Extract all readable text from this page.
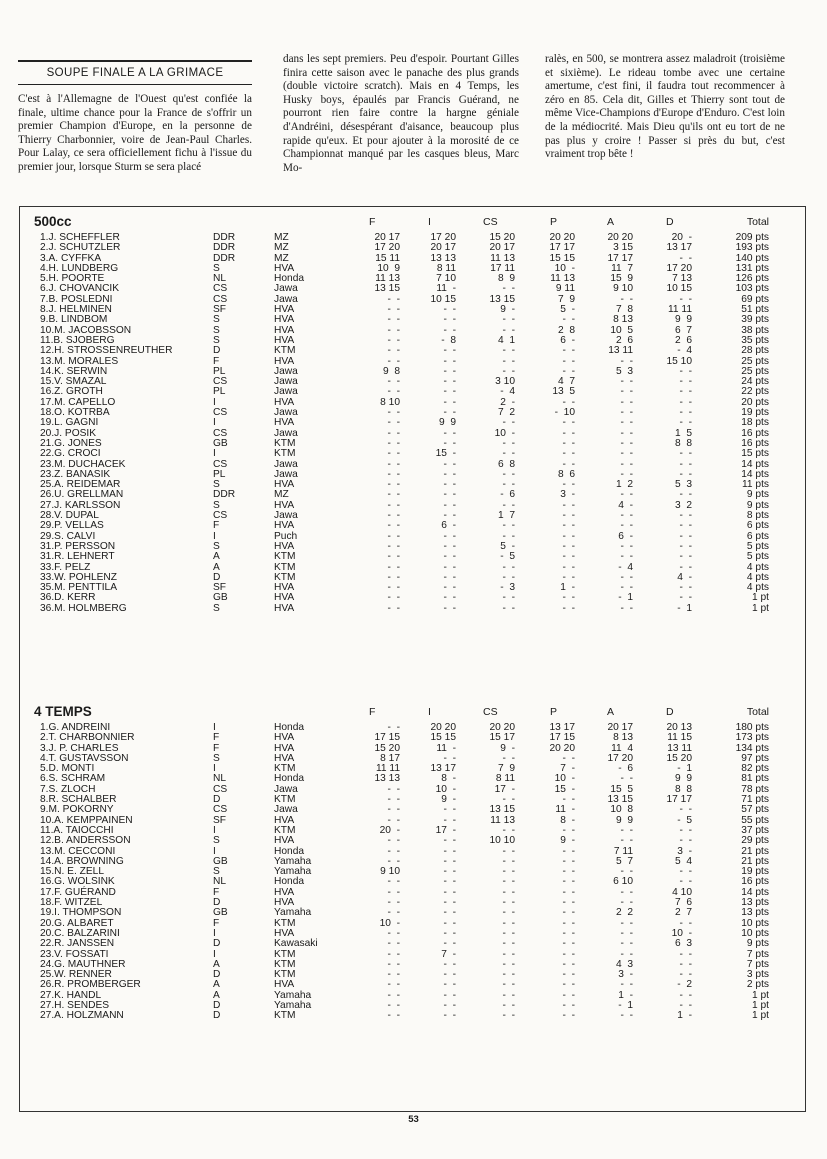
SOUPE FINALE A LA GRIMACE
C'est à l'Allemagne de l'Ouest qu'est confiée la finale, ultime chance pour la France de s'offrir un premier Champion d'Europe, en la personne de Thierry Charbonnier, voire de Jean-Paul Charles. Pour Lalay, ce sera officiellement fichu à l'issue du premier jour, lorsque Sturm se sera placé
dans les sept premiers. Peu d'espoir. Pourtant Gilles finira cette saison avec le panache des plus grands (double victoire scratch). Mais en 4 Temps, les Husky boys, épaulés par Francis Guérand, ne pourront rien faire contre la hargne géniale d'Andréini, désespérant d'aisance, beaucoup plus rapide qu'eux. Et pour ajouter à la morosité de ce Championnat manqué par les casques bleus, Marc Mo-
ralès, en 500, se montrera assez maladroit (troisième et sixième). Le rideau tombe avec une certaine amertume, c'est fini, il faudra tout recommencer à zéro en 85. Cela dit, Gilles et Thierry sont tout de même Vice-Champions d'Europe d'Enduro. C'est loin de la médiocrité. Mais Dieu qu'ils ont eu tort de ne pas plus y croire ! Passer si près du but, c'est vraiment trop bête !
500cc	F	I	CS	P	A	D	Total
1.J. SCHEFFLER	DDR	MZ	20 17	17 20	15 20	20 20	20 20	20  -	209 pts
2.J. SCHUTZLER	DDR	MZ	17 20	20 17	20 17	17 17	3 15	13 17	193 pts
3.A. CYFFKA	DDR	MZ	15 11	13 13	11 13	15 15	17 17	-  -	140 pts
4.H. LUNDBERG	S	HVA	10  9	8 11	17 11	10  -	11  7	17 20	131 pts
5.H. POORTE	NL	Honda	11 13	7 10	8  9	11 13	15  9	7 13	126 pts
6.J. CHOVANCIK	CS	Jawa	13 15	11  -	-  -	9 11	9 10	10 15	103 pts
7.B. POSLEDNI	CS	Jawa	-  -	10 15	13 15	7  9	-  -	-  -	69 pts
8.J. HELMINEN	SF	HVA	-  -	-  -	9  -	5  -	7  8	11 11	51 pts
9.B. LINDBOM	S	HVA	-  -	-  -	-  -	-  -	8 13	9  9	39 pts
10.M. JACOBSSON	S	HVA	-  -	-  -	-  -	2  8	10  5	6  7	38 pts
11.B. SJOBERG	S	HVA	-  -	-  8	4  1	6  -	2  6	2  6	35 pts
12.H. STROSSENREUTHER	D	KTM	-  -	-  -	-  -	-  -	13 11	-  4	28 pts
13.M. MORALES	F	HVA	-  -	-  -	-  -	-  -	-  -	15 10	25 pts
14.K. SERWIN	PL	Jawa	9  8	-  -	-  -	-  -	5  3	-  -	25 pts
15.V. SMAZAL	CS	Jawa	-  -	-  -	3 10	4  7	-  -	-  -	24 pts
16.Z. GROTH	PL	Jawa	-  -	-  -	-  4	13  5	-  -	-  -	22 pts
17.M. CAPELLO	I	HVA	8 10	-  -	2  -	-  -	-  -	-  -	20 pts
18.O. KOTRBA	CS	Jawa	-  -	-  -	7  2	-  10	-  -	-  -	19 pts
19.L. GAGNI	I	HVA	-  -	9  9	-  -	-  -	-  -	-  -	18 pts
20.J. POSIK	CS	Jawa	-  -	-  -	10  -	-  -	-  -	1  5	16 pts
21.G. JONES	GB	KTM	-  -	-  -	-  -	-  -	-  -	8  8	16 pts
22.G. CROCI	I	KTM	-  -	15  -	-  -	-  -	-  -	-  -	15 pts
23.M. DUCHACEK	CS	Jawa	-  -	-  -	6  8	-  -	-  -	-  -	14 pts
23.Z. BANASIK	PL	Jawa	-  -	-  -	-  -	8  6	-  -	-  -	14 pts
25.A. REIDEMAR	S	HVA	-  -	-  -	-  -	-  -	1  2	5  3	11 pts
26.U. GRELLMAN	DDR	MZ	-  -	-  -	-  6	3  -	-  -	-  -	9 pts
27.J. KARLSSON	S	HVA	-  -	-  -	-  -	-  -	4  -	3  2	9 pts
28.V. DUPAL	CS	Jawa	-  -	-  -	1  7	-  -	-  -	-  -	8 pts
29.P. VELLAS	F	HVA	-  -	6  -	-  -	-  -	-  -	-  -	6 pts
29.S. CALVI	I	Puch	-  -	-  -	-  -	-  -	6  -	-  -	6 pts
31.P. PERSSON	S	HVA	-  -	-  -	5  -	-  -	-  -	-  -	5 pts
31.R. LEHNERT	A	KTM	-  -	-  -	-  5	-  -	-  -	-  -	5 pts
33.F. PELZ	A	KTM	-  -	-  -	-  -	-  -	-  4	-  -	4 pts
33.W. POHLENZ	D	KTM	-  -	-  -	-  -	-  -	-  -	4  -	4 pts
35.M. PENTTILA	SF	HVA	-  -	-  -	-  3	1  -	-  -	-  -	4 pts
36.D. KERR	GB	HVA	-  -	-  -	-  -	-  -	-  1	-  -	1 pt
36.M. HOLMBERG	S	HVA	-  -	-  -	-  -	-  -	-  -	-  1	1 pt
4 TEMPS	F	I	CS	P	A	D	Total
1.G. ANDREINI	I	Honda	-  -	20 20	20 20	13 17	20 17	20 13	180 pts
2.T. CHARBONNIER	F	HVA	17 15	15 15	15 17	17 15	8 13	11 15	173 pts
3.J. P. CHARLES	F	HVA	15 20	11  -	9  -	20 20	11  4	13 11	134 pts
4.T. GUSTAVSSON	S	HVA	8 17	-  -	-  -	-  -	17 20	15 20	97 pts
5.D. MONTI	I	KTM	11 11	13 17	7  9	7  -	-  6	-  1	82 pts
6.S. SCHRAM	NL	Honda	13 13	8  -	8 11	10  -	-  -	9  9	81 pts
7.S. ZLOCH	CS	Jawa	-  -	10  -	17  -	15  -	15  5	8  8	78 pts
8.R. SCHALBER	D	KTM	-  -	9  -	-  -	-  -	13 15	17 17	71 pts
9.M. POKORNY	CS	Jawa	-  -	-  -	13 15	11  -	10  8	-  -	57 pts
10.A. KEMPPAINEN	SF	HVA	-  -	-  -	11 13	8  -	9  9	-  5	55 pts
11.A. TAIOCCHI	I	KTM	20  -	17  -	-  -	-  -	-  -	-  -	37 pts
12.B. ANDERSSON	S	HVA	-  -	-  -	10 10	9  -	-  -	-  -	29 pts
13.M. CECCONI	I	Honda	-  -	-  -	-  -	-  -	7 11	3  -	21 pts
14.A. BROWNING	GB	Yamaha	-  -	-  -	-  -	-  -	5  7	5  4	21 pts
15.N. E. ZELL	S	Yamaha	9 10	-  -	-  -	-  -	-  -	-  -	19 pts
16.G. WOLSINK	NL	Honda	-  -	-  -	-  -	-  -	6 10	-  -	16 pts
17.F. GUÉRAND	F	HVA	-  -	-  -	-  -	-  -	-  -	4 10	14 pts
18.F. WITZEL	D	HVA	-  -	-  -	-  -	-  -	-  -	7  6	13 pts
19.I. THOMPSON	GB	Yamaha	-  -	-  -	-  -	-  -	2  2	2  7	13 pts
20.G. ALBARET	F	KTM	10  -	-  -	-  -	-  -	-  -	-  -	10 pts
20.C. BALZARINI	I	HVA	-  -	-  -	-  -	-  -	-  -	10  -	10 pts
22.R. JANSSEN	D	Kawasaki	-  -	-  -	-  -	-  -	-  -	6  3	9 pts
23.V. FOSSATI	I	KTM	-  -	7  -	-  -	-  -	-  -	-  -	7 pts
24.G. MAUTHNER	A	KTM	-  -	-  -	-  -	-  -	4  3	-  -	7 pts
25.W. RENNER	D	KTM	-  -	-  -	-  -	-  -	3  -	-  -	3 pts
26.R. PROMBERGER	A	HVA	-  -	-  -	-  -	-  -	-  -	-  2	2 pts
27.K. HANDL	A	Yamaha	-  -	-  -	-  -	-  -	1  -	-  -	1 pt
27.H. SENDES	D	Yamaha	-  -	-  -	-  -	-  -	-  1	-  -	1 pt
27.A. HOLZMANN	D	KTM	-  -	-  -	-  -	-  -	-  -	1  -	1 pt
53
